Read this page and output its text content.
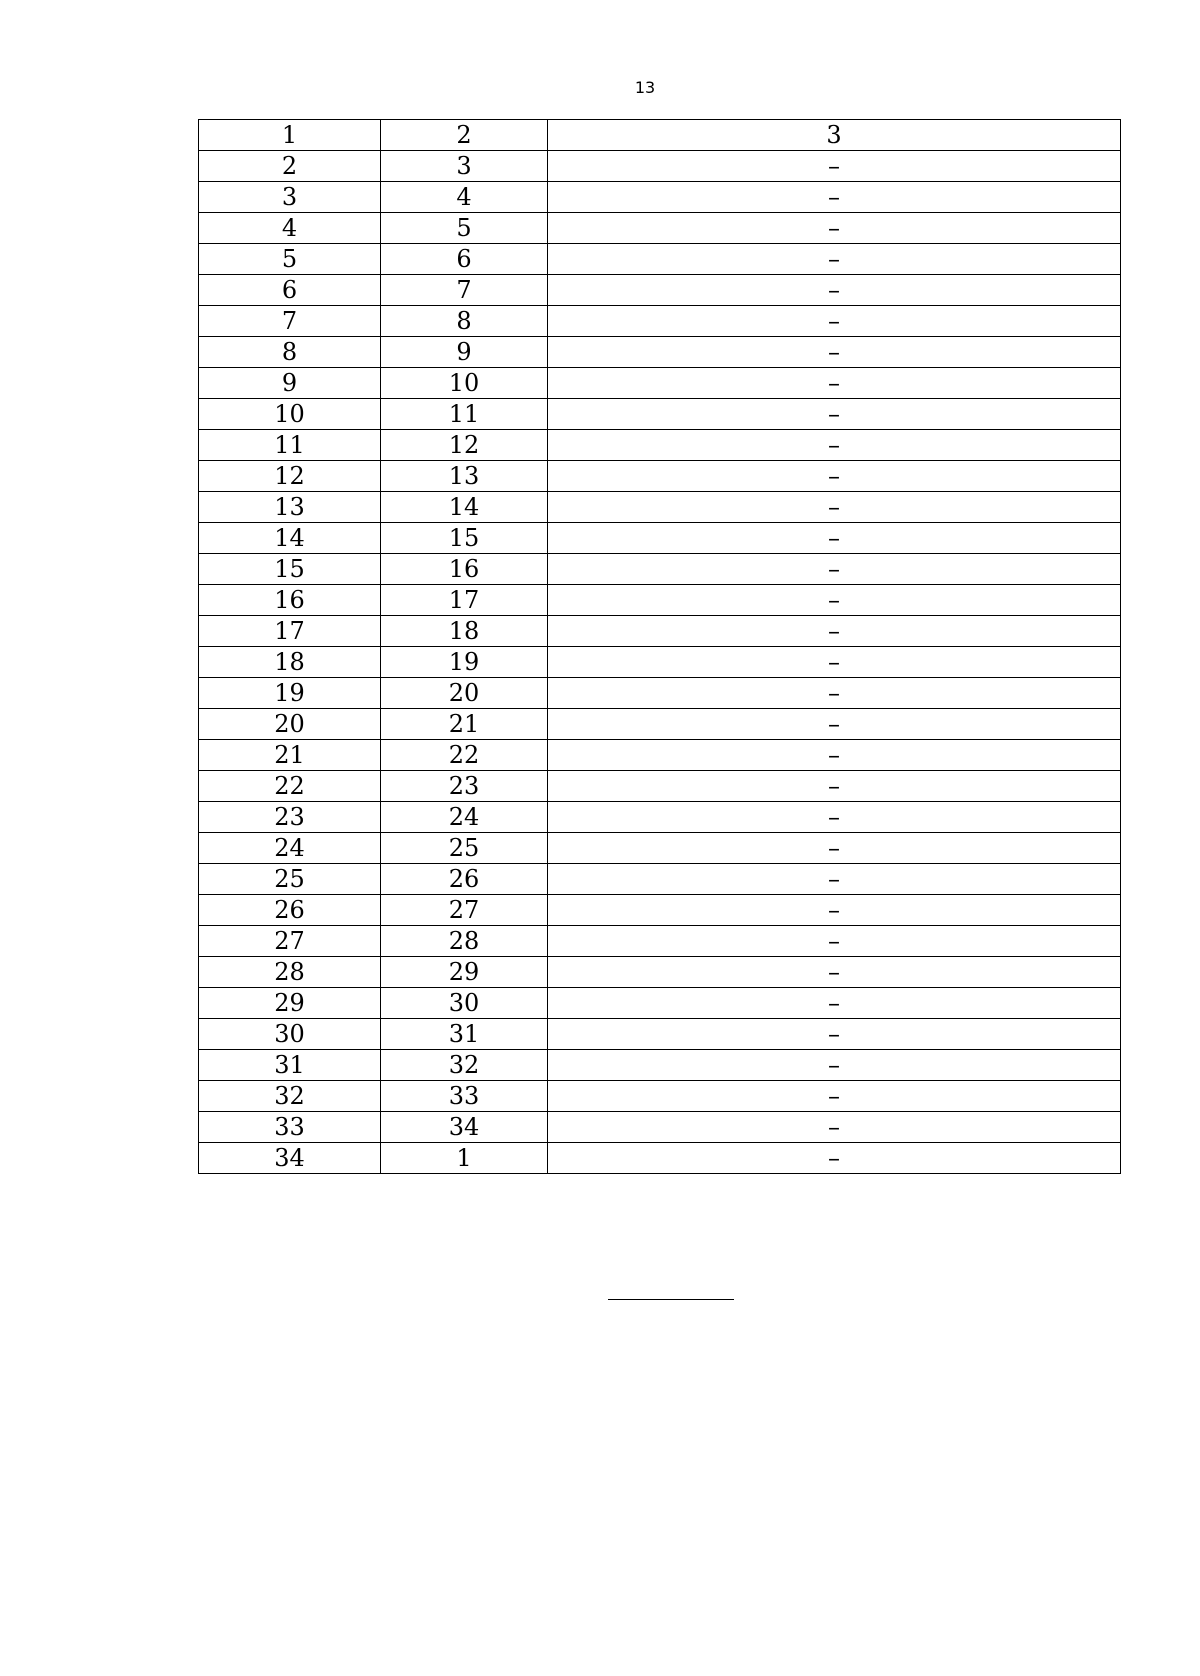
13
1	2	3
2	3	–
3	4	–
4	5	–
5	6	–
6	7	–
7	8	–
8	9	–
9	10	–
10	11	–
11	12	–
12	13	–
13	14	–
14	15	–
15	16	–
16	17	–
17	18	–
18	19	–
19	20	–
20	21	–
21	22	–
22	23	–
23	24	–
24	25	–
25	26	–
26	27	–
27	28	–
28	29	–
29	30	–
30	31	–
31	32	–
32	33	–
33	34	–
34	1	–
